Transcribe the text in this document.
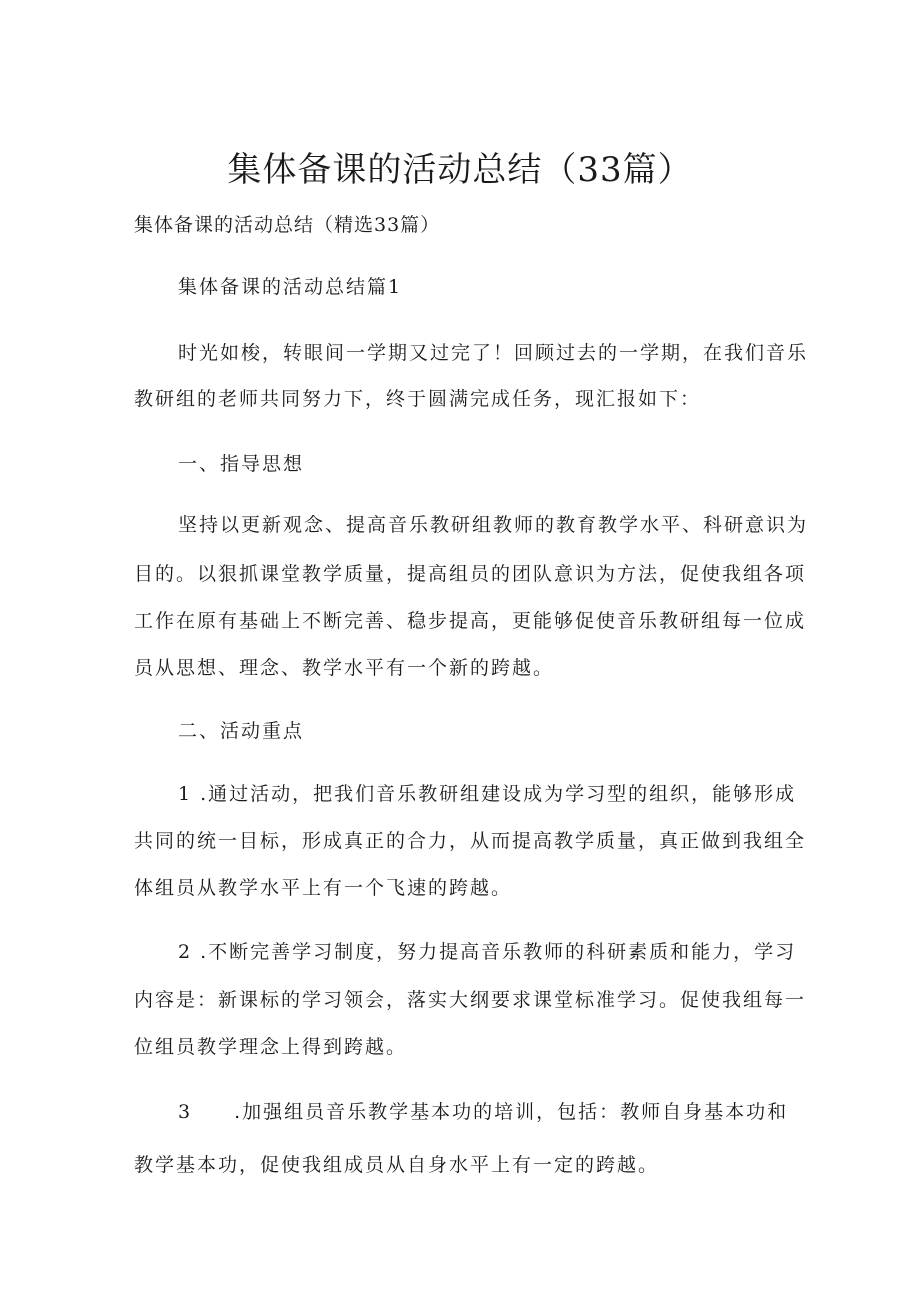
集体备课的活动总结（33篇）

集体备课的活动总结（精选33篇）

集体备课的活动总结篇1

时光如梭，转眼间一学期又过完了！回顾过去的一学期，在我们音乐

教研组的老师共同努力下，终于圆满完成任务，现汇报如下：

一、指导思想

坚持以更新观念、提高音乐教研组教师的教育教学水平、科研意识为

目的。以狠抓课堂教学质量，提高组员的团队意识为方法，促使我组各项

工作在原有基础上不断完善、稳步提高，更能够促使音乐教研组每一位成

员从思想、理念、教学水平有一个新的跨越。

二、活动重点

1 .通过活动，把我们音乐教研组建设成为学习型的组织，能够形成

共同的统一目标，形成真正的合力，从而提高教学质量，真正做到我组全

体组员从教学水平上有一个飞速的跨越。

2 .不断完善学习制度，努力提高音乐教师的科研素质和能力，学习

内容是：新课标的学习领会，落实大纲要求课堂标准学习。促使我组每一

位组员教学理念上得到跨越。

3　　.加强组员音乐教学基本功的培训，包括：教师自身基本功和

教学基本功，促使我组成员从自身水平上有一定的跨越。
